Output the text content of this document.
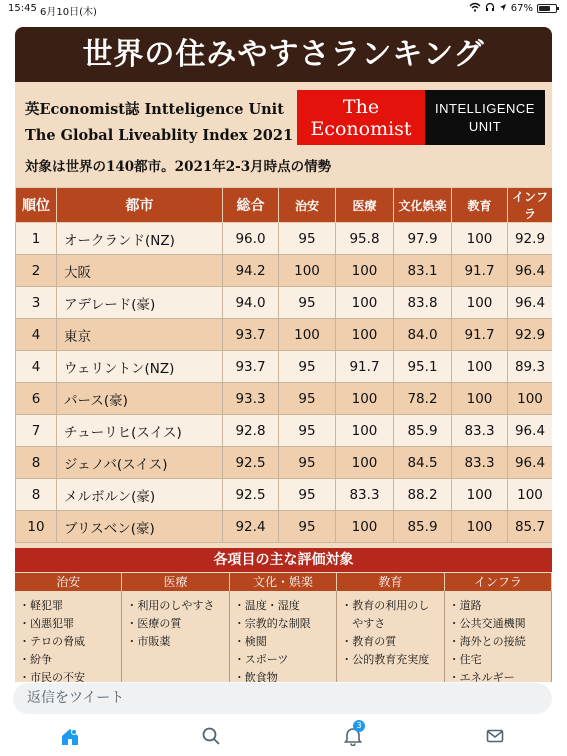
15:45 6月10日(木)	67%
世界の住みやすさランキング
英Economist誌 Intteligence Unit
The Global Liveablity Index 2021
The
Economist
INTELLIGENCE
UNIT
対象は世界の140都市。2021年2-3月時点の情勢
順位	都市	総合	治安	医療	文化娯楽	教育	インフラ
1	オークランド(NZ)	96.0	95	95.8	97.9	100	92.9
2	大阪	94.2	100	100	83.1	91.7	96.4
3	アデレード(豪)	94.0	95	100	83.8	100	96.4
4	東京	93.7	100	100	84.0	91.7	92.9
4	ウェリントン(NZ)	93.7	95	91.7	95.1	100	89.3
6	パース(豪)	93.3	95	100	78.2	100	100
7	チューリヒ(スイス)	92.8	95	100	85.9	83.3	96.4
8	ジェノバ(スイス)	92.5	95	100	84.5	83.3	96.4
8	メルボルン(豪)	92.5	95	83.3	88.2	100	100
10	ブリスベン(豪)	92.4	95	100	85.9	100	85.7
各項目の主な評価対象
治安	医療	文化・娯楽	教育	インフラ
・軽犯罪
・凶悪犯罪
・テロの脅威
・紛争
・市民の不安
・利用のしやすさ
・医療の質
・市販薬
・温度・湿度
・宗教的な制限
・検閲
・スポーツ
・飲食物
・教育の利用のし
　やすさ
・教育の質
・公的教育充実度
・道路
・公共交通機関
・海外との接続
・住宅
・エネルギー
返信をツイート
3
